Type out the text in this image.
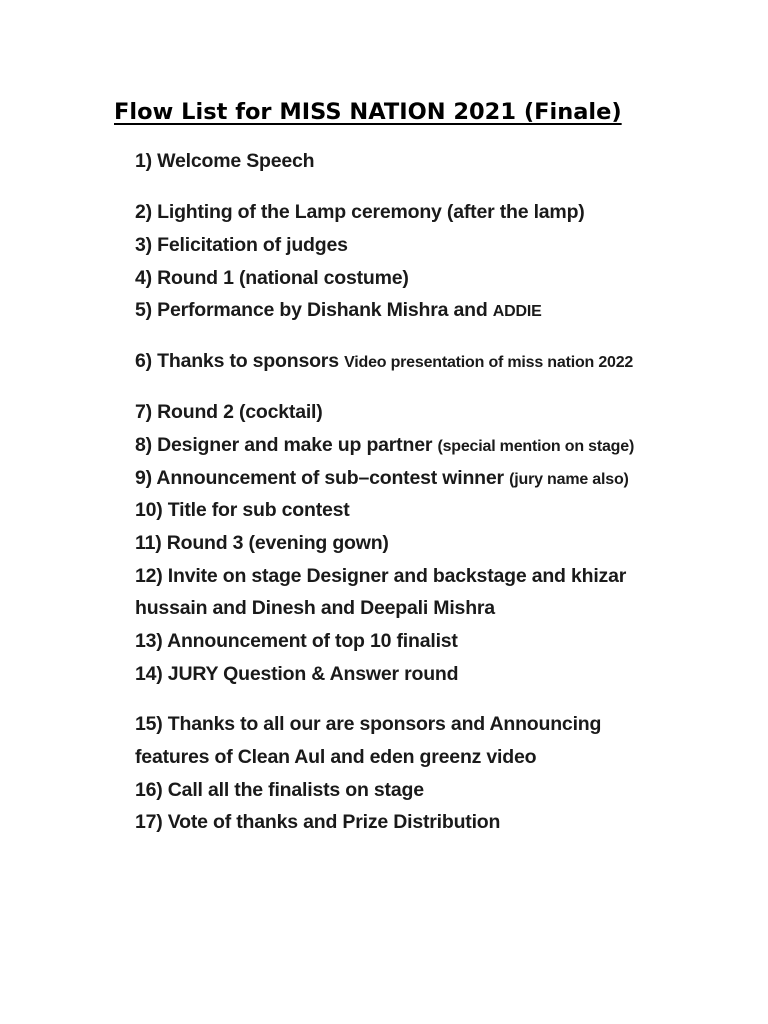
Flow List for MISS NATION 2021 (Finale)
1) Welcome Speech
2) Lighting of the Lamp ceremony (after the lamp)
3) Felicitation of judges
4) Round 1 (national costume)
5) Performance by Dishank Mishra and ADDIE
6) Thanks to sponsors Video presentation of miss nation 2022
7) Round 2 (cocktail)
8) Designer and make up partner (special mention on stage)
9) Announcement of sub–contest winner (jury name also)
10) Title for sub contest
11) Round 3 (evening gown)
12) Invite on stage Designer and backstage and khizar
hussain and Dinesh and Deepali Mishra
13) Announcement of top 10 finalist
14) JURY Question & Answer round
15) Thanks to all our are sponsors and Announcing
features of Clean Aul and eden greenz video
16) Call all the finalists on stage
17) Vote of thanks and Prize Distribution
